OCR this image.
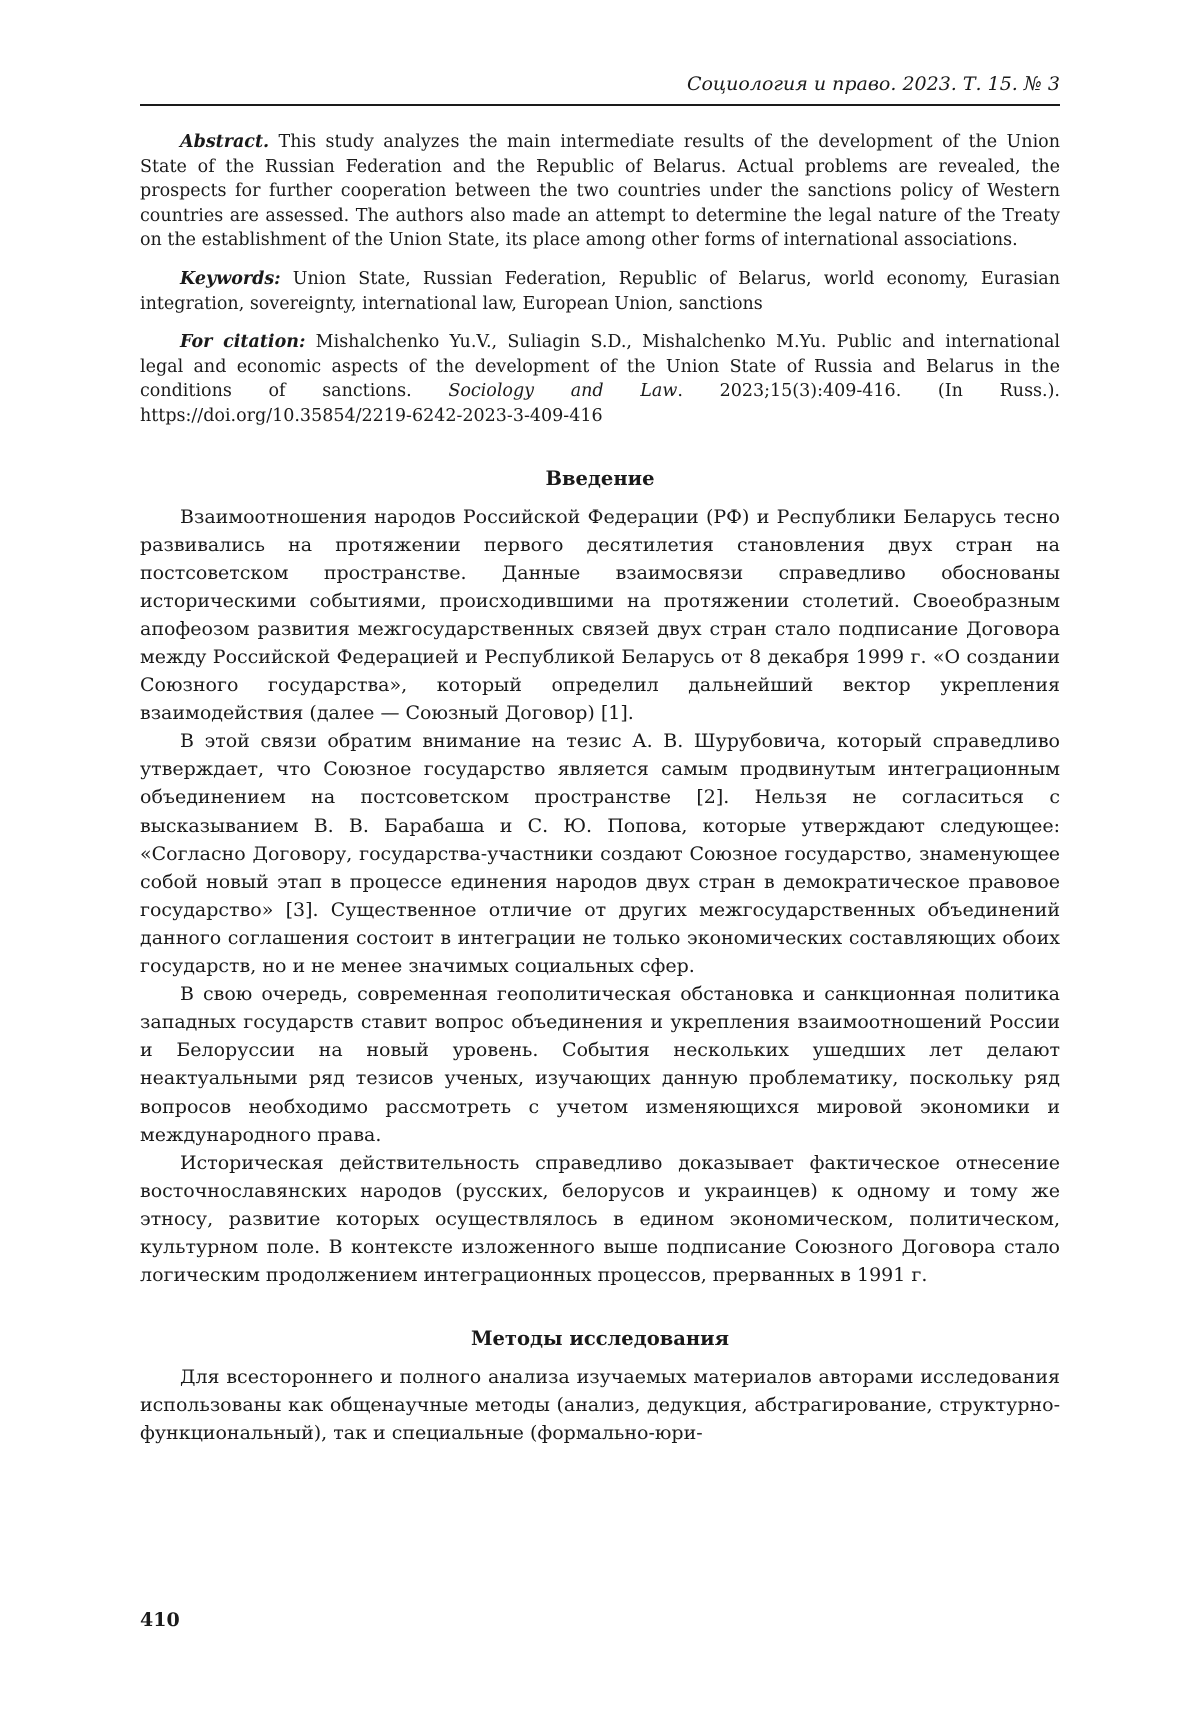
Социология и право. 2023. Т. 15. № 3

Abstract. This study analyzes the main intermediate results of the development of the Union State of the Russian Federation and the Republic of Belarus. Actual problems are revealed, the prospects for further cooperation between the two countries under the sanctions policy of Western countries are assessed. The authors also made an attempt to determine the legal nature of the Treaty on the establishment of the Union State, its place among other forms of international associations.

Keywords: Union State, Russian Federation, Republic of Belarus, world economy, Eurasian integration, sovereignty, international law, European Union, sanctions

For citation: Mishalchenko Yu.V., Suliagin S.D., Mishalchenko M.Yu. Public and international legal and economic aspects of the development of the Union State of Russia and Belarus in the conditions of sanctions. Sociology and Law. 2023;15(3):409-416. (In Russ.). https://doi.org/10.35854/2219-6242-2023-3-409-416

Введение

Взаимоотношения народов Российской Федерации (РФ) и Республики Беларусь тесно развивались на протяжении первого десятилетия становления двух стран на постсоветском пространстве. Данные взаимосвязи справедливо обоснованы историческими событиями, происходившими на протяжении столетий. Своеобразным апофеозом развития межгосударственных связей двух стран стало подписание Договора между Российской Федерацией и Республикой Беларусь от 8 декабря 1999 г. «О создании Союзного государства», который определил дальнейший вектор укрепления взаимодействия (далее — Союзный Договор) [1].

В этой связи обратим внимание на тезис А. В. Шурубовича, который справедливо утверждает, что Союзное государство является самым продвинутым интеграционным объединением на постсоветском пространстве [2]. Нельзя не согласиться с высказыванием В. В. Барабаша и С. Ю. Попова, которые утверждают следующее: «Согласно Договору, государства-участники создают Союзное государство, знаменующее собой новый этап в процессе единения народов двух стран в демократическое правовое государство» [3]. Существенное отличие от других межгосударственных объединений данного соглашения состоит в интеграции не только экономических составляющих обоих государств, но и не менее значимых социальных сфер.

В свою очередь, современная геополитическая обстановка и санкционная политика западных государств ставит вопрос объединения и укрепления взаимоотношений России и Белоруссии на новый уровень. События нескольких ушедших лет делают неактуальными ряд тезисов ученых, изучающих данную проблематику, поскольку ряд вопросов необходимо рассмотреть с учетом изменяющихся мировой экономики и международного права.

Историческая действительность справедливо доказывает фактическое отнесение восточнославянских народов (русских, белорусов и украинцев) к одному и тому же этносу, развитие которых осуществлялось в едином экономическом, политическом, культурном поле. В контексте изложенного выше подписание Союзного Договора стало логическим продолжением интеграционных процессов, прерванных в 1991 г.

Методы исследования

Для всестороннего и полного анализа изучаемых материалов авторами исследования использованы как общенаучные методы (анализ, дедукция, абстрагирование, структурно-функциональный), так и специальные (формально-юри-

410
